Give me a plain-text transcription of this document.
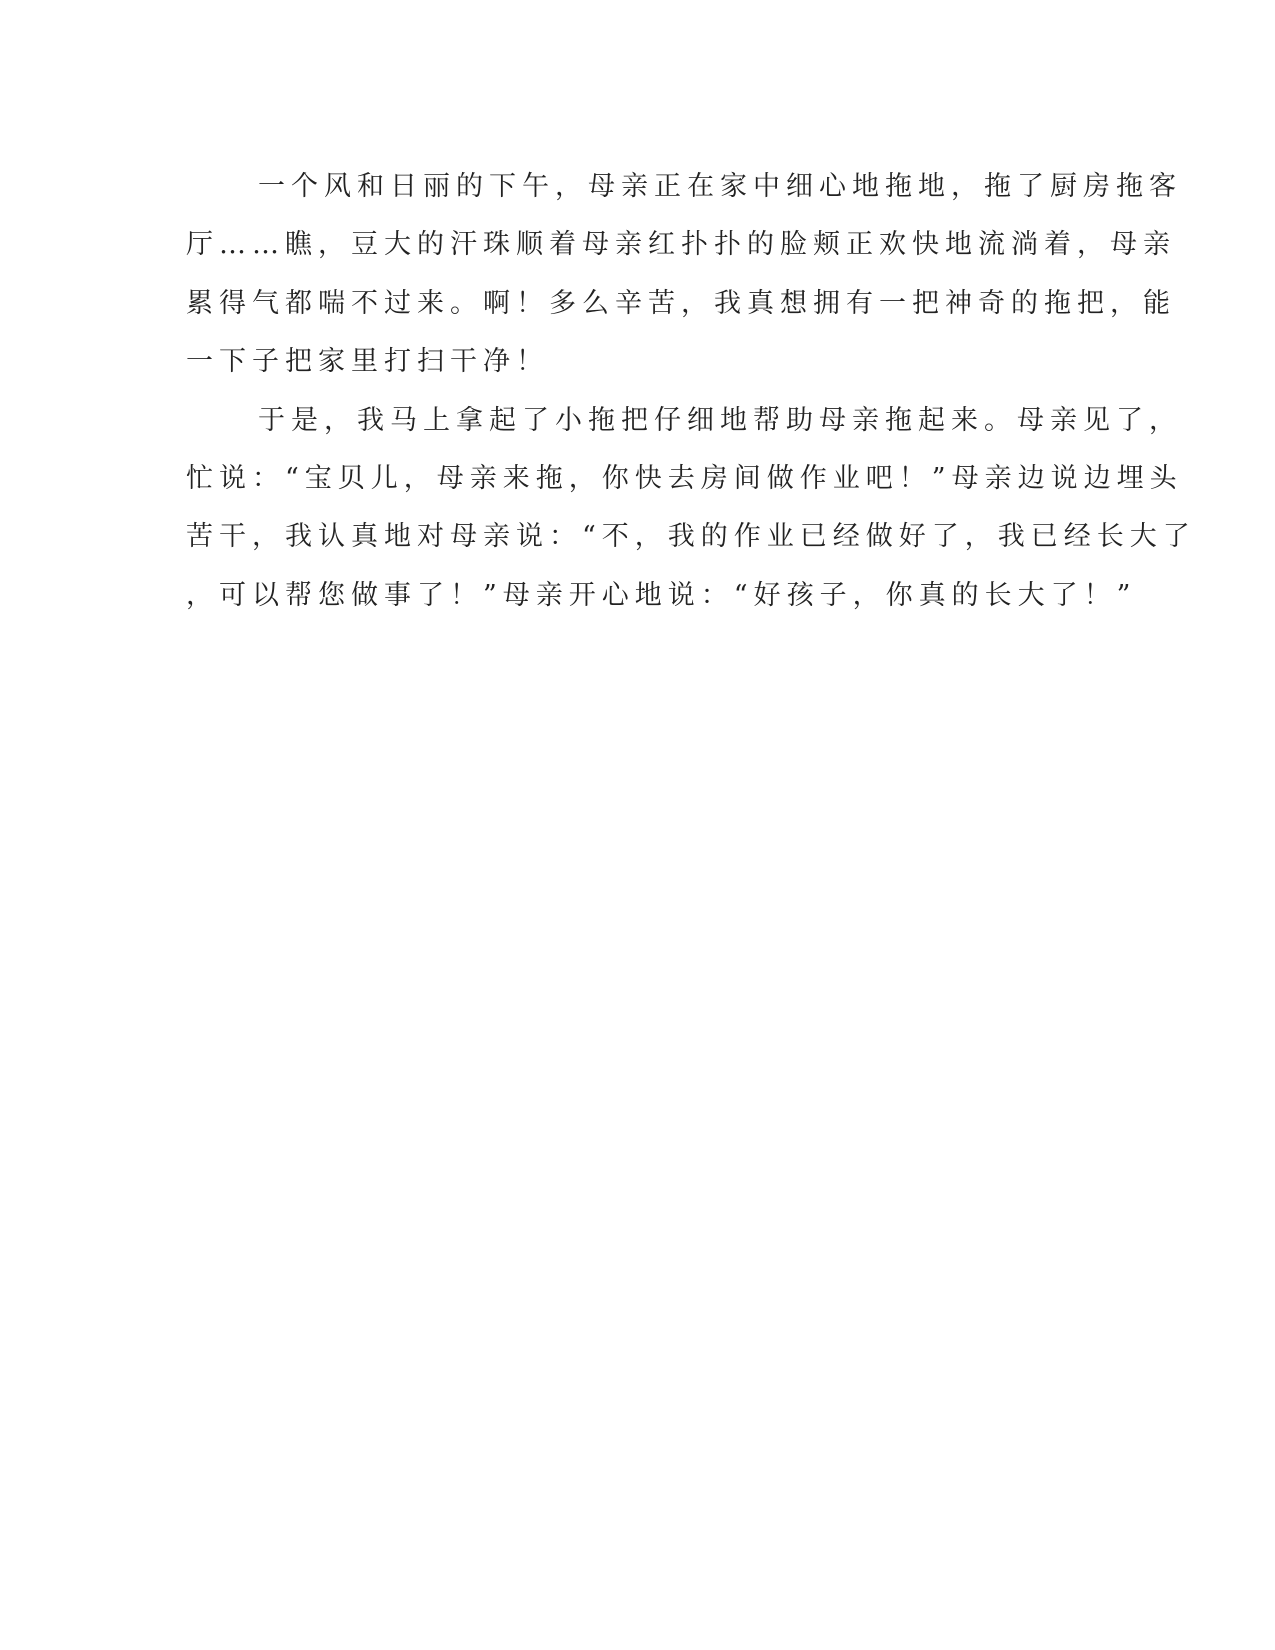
一个风和日丽的下午，母亲正在家中细心地拖地，拖了厨房拖客
厅……瞧，豆大的汗珠顺着母亲红扑扑的脸颊正欢快地流淌着，母亲
累得气都喘不过来。啊！多么辛苦，我真想拥有一把神奇的拖把，能
一下子把家里打扫干净！
于是，我马上拿起了小拖把仔细地帮助母亲拖起来。母亲见了，
忙说：“宝贝儿，母亲来拖，你快去房间做作业吧！”母亲边说边埋头
苦干，我认真地对母亲说：“不，我的作业已经做好了，我已经长大了
，可以帮您做事了！”母亲开心地说：“好孩子，你真的长大了！”
